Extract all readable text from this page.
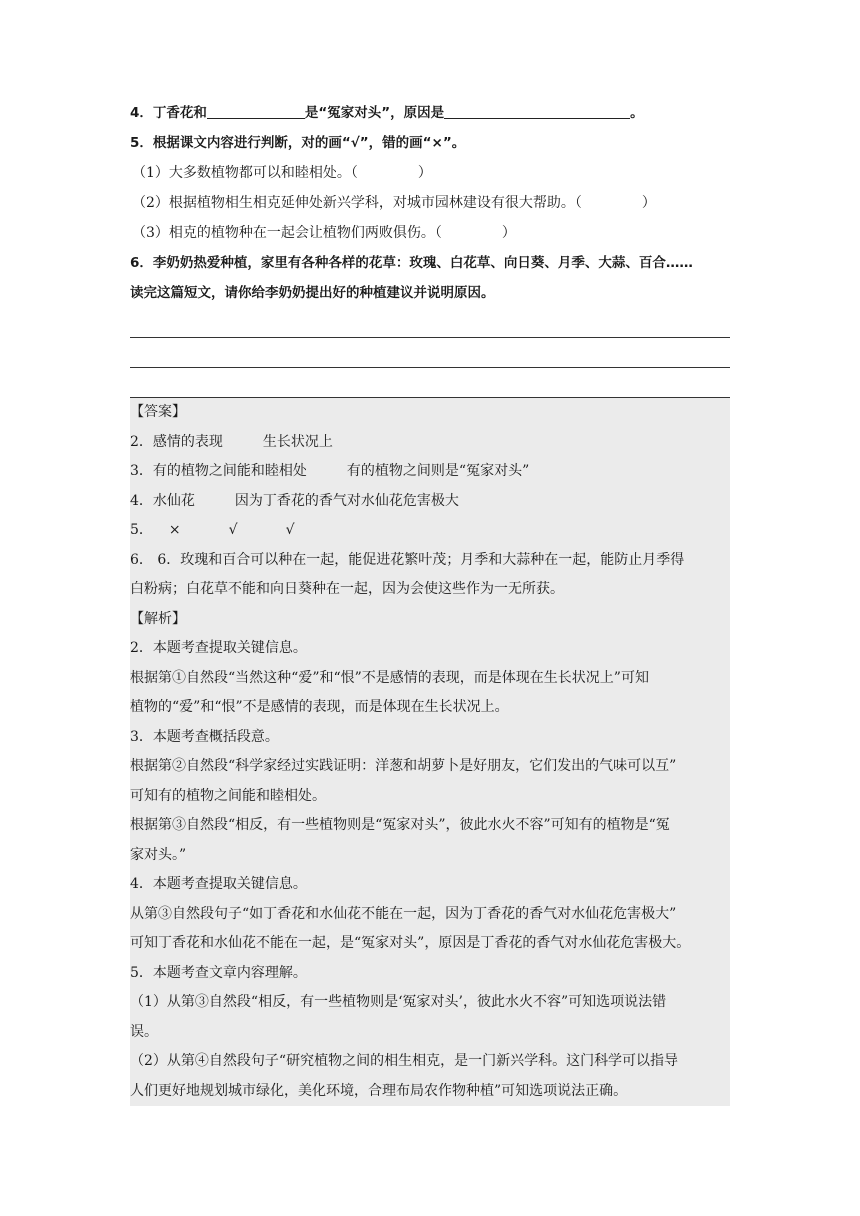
4．丁香花和	是“冤家对头”，原因是	。
5．根据课文内容进行判断，对的画“√”，错的画“×”。
（1）大多数植物都可以和睦相处。（	）
（2）根据植物相生相克延伸处新兴学科，对城市园林建设有很大帮助。（	）
（3）相克的植物种在一起会让植物们两败俱伤。（	）
6．李奶奶热爱种植，家里有各种各样的花草：玫瑰、白花草、向日葵、月季、大蒜、百合……
读完这篇短文，请你给李奶奶提出好的种植建议并说明原因。
【答案】
2．感情的表现	生长状况上
3．有的植物之间能和睦相处	有的植物之间则是“冤家对头”
4．水仙花	因为丁香花的香气对水仙花危害极大
5． ×	√	√
6． 6．玫瑰和百合可以种在一起，能促进花繁叶茂；月季和大蒜种在一起，能防止月季得
白粉病；白花草不能和向日葵种在一起，因为会使这些作为一无所获。
【解析】
2．本题考查提取关键信息。
根据第①自然段“当然这种“爱”和“恨”不是感情的表现，而是体现在生长状况上”可知
植物的“爱”和“恨”不是感情的表现，而是体现在生长状况上。
3．本题考查概括段意。
根据第②自然段“科学家经过实践证明：洋葱和胡萝卜是好朋友，它们发出的气味可以互”
可知有的植物之间能和睦相处。
根据第③自然段“相反，有一些植物则是“冤家对头”，彼此水火不容”可知有的植物是“冤
家对头。”
4．本题考查提取关键信息。
从第③自然段句子“如丁香花和水仙花不能在一起，因为丁香花的香气对水仙花危害极大”
可知丁香花和水仙花不能在一起，是“冤家对头”，原因是丁香花的香气对水仙花危害极大。
5．本题考查文章内容理解。
（1）从第③自然段“相反，有一些植物则是‘冤家对头’，彼此水火不容”可知选项说法错
误。
（2）从第④自然段句子“研究植物之间的相生相克，是一门新兴学科。这门科学可以指导
人们更好地规划城市绿化，美化环境，合理布局农作物种植”可知选项说法正确。
